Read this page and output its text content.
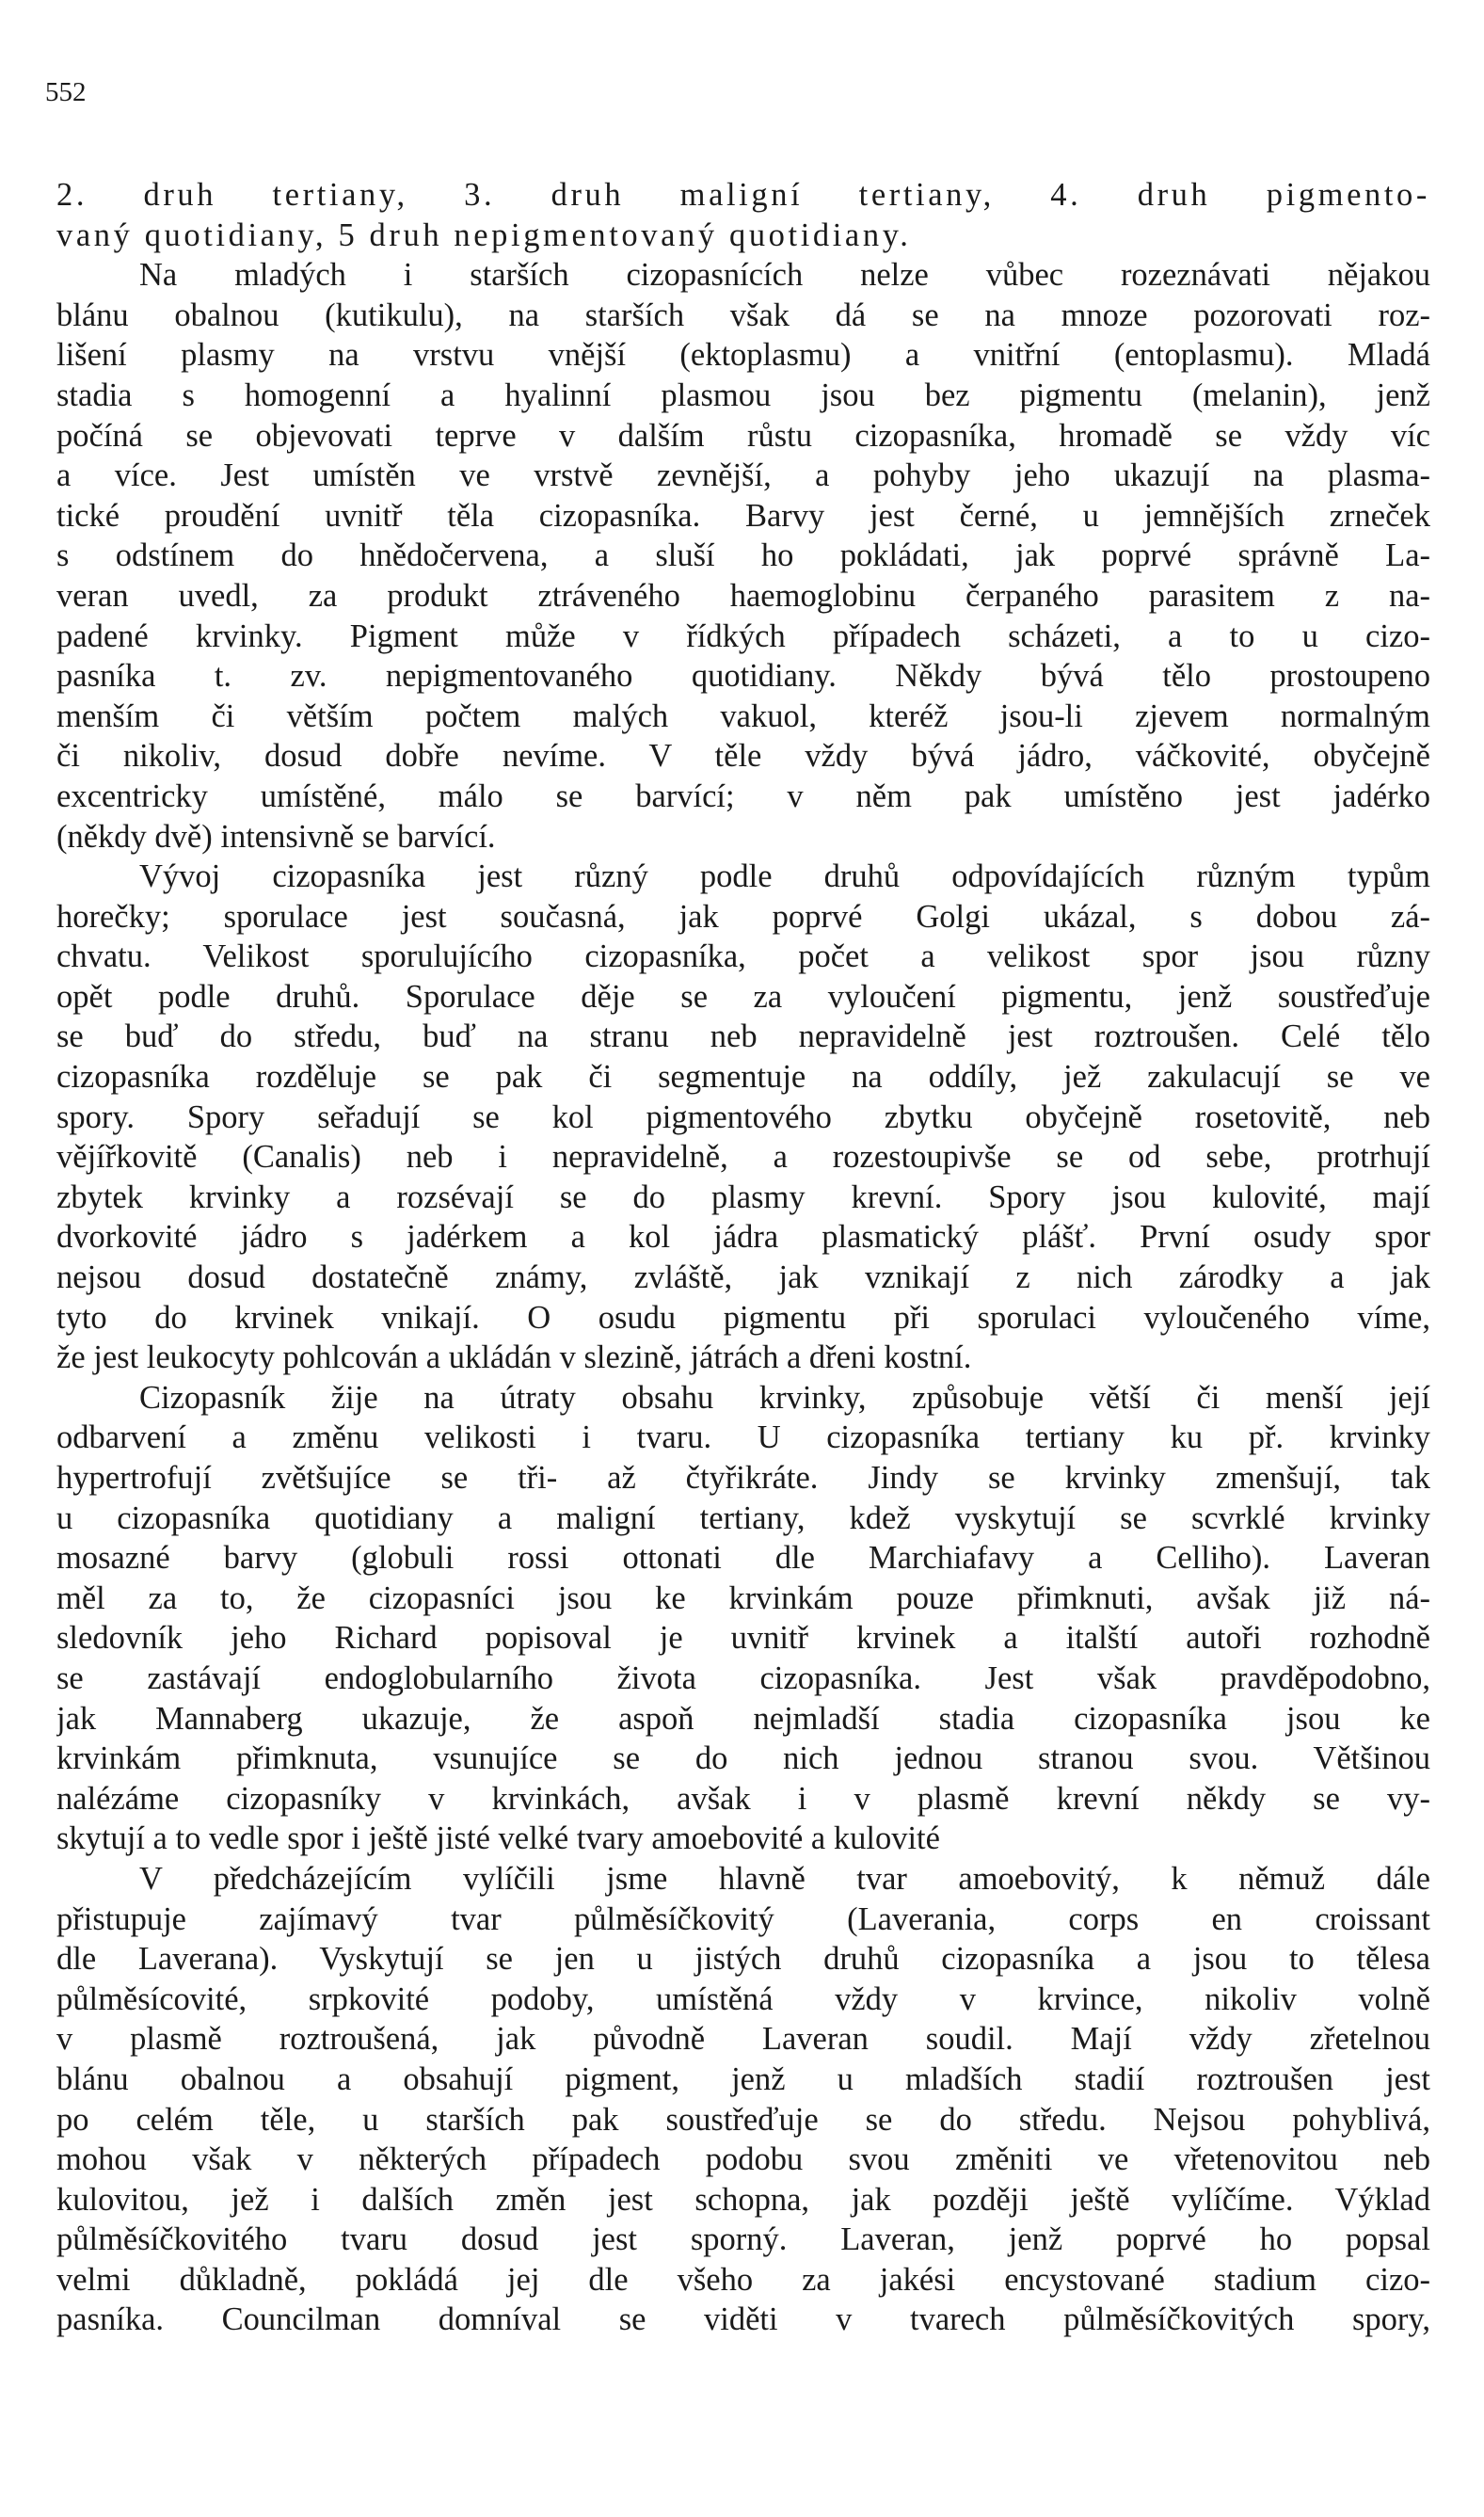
552
2. druh tertiany, 3. druh maligní tertiany, 4. druh pigmento-
vaný quotidiany, 5 druh nepigmentovaný quotidiany.
Na mladých i starších cizopasnících nelze vůbec rozeznávati nějakou
blánu obalnou (kutikulu), na starších však dá se na mnoze pozorovati roz-
lišení plasmy na vrstvu vnější (ektoplasmu) a vnitřní (entoplasmu). Mladá
stadia s homogenní a hyalinní plasmou jsou bez pigmentu (melanin), jenž
počíná se objevovati teprve v dalším růstu cizopasníka, hromadě se vždy víc
a více. Jest umístěn ve vrstvě zevnější, a pohyby jeho ukazují na plasma-
tické proudění uvnitř těla cizopasníka. Barvy jest černé, u jemnějších zrneček
s odstínem do hnědočervena, a sluší ho pokládati, jak poprvé správně La-
veran uvedl, za produkt ztráveného haemoglobinu čerpaného parasitem z na-
padené krvinky. Pigment může v řídkých případech scházeti, a to u cizo-
pasníka t. zv. nepigmentovaného quotidiany. Někdy bývá tělo prostoupeno
menším či větším počtem malých vakuol, kteréž jsou-li zjevem normalným
či nikoliv, dosud dobře nevíme. V těle vždy bývá jádro, váčkovité, obyčejně
excentricky umístěné, málo se barvící; v něm pak umístěno jest jadérko
(někdy dvě) intensivně se barvící.
Vývoj cizopasníka jest různý podle druhů odpovídajících různým typům
horečky; sporulace jest současná, jak poprvé Golgi ukázal, s dobou zá-
chvatu. Velikost sporulujícího cizopasníka, počet a velikost spor jsou různy
opět podle druhů. Sporulace děje se za vyloučení pigmentu, jenž soustřeďuje
se buď do středu, buď na stranu neb nepravidelně jest roztroušen. Celé tělo
cizopasníka rozděluje se pak či segmentuje na oddíly, jež zakulacují se ve
spory. Spory seřadují se kol pigmentového zbytku obyčejně rosetovitě, neb
vějířkovitě (Canalis) neb i nepravidelně, a rozestoupivše se od sebe, protrhují
zbytek krvinky a rozsévají se do plasmy krevní. Spory jsou kulovité, mají
dvorkovité jádro s jadérkem a kol jádra plasmatický plášť. První osudy spor
nejsou dosud dostatečně známy, zvláště, jak vznikají z nich zárodky a jak
tyto do krvinek vnikají. O osudu pigmentu při sporulaci vyloučeného víme,
že jest leukocyty pohlcován a ukládán v slezině, játrách a dřeni kostní.
Cizopasník žije na útraty obsahu krvinky, způsobuje větší či menší její
odbarvení a změnu velikosti i tvaru. U cizopasníka tertiany ku př. krvinky
hypertrofují zvětšujíce se tři- až čtyřikráte. Jindy se krvinky zmenšují, tak
u cizopasníka quotidiany a maligní tertiany, kdež vyskytují se scvrklé krvinky
mosazné barvy (globuli rossi ottonati dle Marchiafavy a Celliho). Laveran
měl za to, že cizopasníci jsou ke krvinkám pouze přimknuti, avšak již ná-
sledovník jeho Richard popisoval je uvnitř krvinek a italští autoři rozhodně
se zastávají endoglobularního života cizopasníka. Jest však pravděpodobno,
jak Mannaberg ukazuje, že aspoň nejmladší stadia cizopasníka jsou ke
krvinkám přimknuta, vsunujíce se do nich jednou stranou svou. Většinou
nalézáme cizopasníky v krvinkách, avšak i v plasmě krevní někdy se vy-
skytují a to vedle spor i ještě jisté velké tvary amoebovité a kulovité
V předcházejícím vylíčili jsme hlavně tvar amoebovitý, k němuž dále
přistupuje zajímavý tvar půlměsíčkovitý (Laverania, corps en croissant
dle Laverana). Vyskytují se jen u jistých druhů cizopasníka a jsou to tělesa
půlměsícovité, srpkovité podoby, umístěná vždy v krvince, nikoliv volně
v plasmě roztroušená, jak původně Laveran soudil. Mají vždy zřetelnou
blánu obalnou a obsahují pigment, jenž u mladších stadií roztroušen jest
po celém těle, u starších pak soustřeďuje se do středu. Nejsou pohyblivá,
mohou však v některých případech podobu svou změniti ve vřetenovitou neb
kulovitou, jež i dalších změn jest schopna, jak později ještě vylíčíme. Výklad
půlměsíčkovitého tvaru dosud jest sporný. Laveran, jenž poprvé ho popsal
velmi důkladně, pokládá jej dle všeho za jakési encystované stadium cizo-
pasníka. Councilman domníval se viděti v tvarech půlměsíčkovitých spory,
